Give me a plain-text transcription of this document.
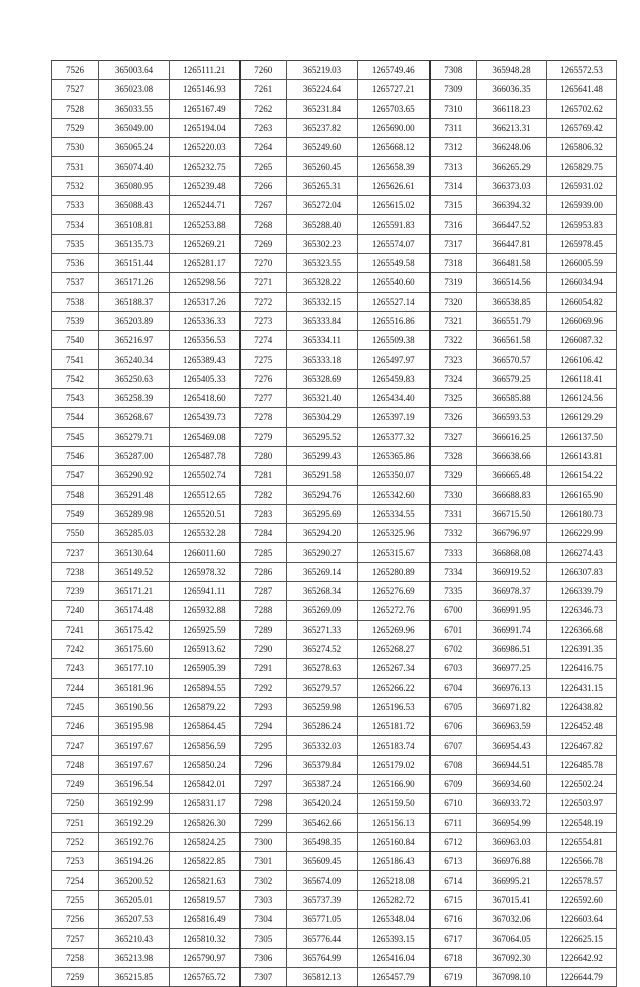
7526	365003.64	1265111.21	7260	365219.03	1265749.46	7308	365948.28	1265572.53
7527	365023.08	1265146.93	7261	365224.64	1265727.21	7309	366036.35	1265641.48
7528	365033.55	1265167.49	7262	365231.84	1265703.65	7310	366118.23	1265702.62
7529	365049.00	1265194.04	7263	365237.82	1265690.00	7311	366213.31	1265769.42
7530	365065.24	1265220.03	7264	365249.60	1265668.12	7312	366248.06	1265806.32
7531	365074.40	1265232.75	7265	365260.45	1265658.39	7313	366265.29	1265829.75
7532	365080.95	1265239.48	7266	365265.31	1265626.61	7314	366373.03	1265931.02
7533	365088.43	1265244.71	7267	365272.04	1265615.02	7315	366394.32	1265939.00
7534	365108.81	1265253.88	7268	365288.40	1265591.83	7316	366447.52	1265953.83
7535	365135.73	1265269.21	7269	365302.23	1265574.07	7317	366447.81	1265978.45
7536	365151.44	1265281.17	7270	365323.55	1265549.58	7318	366481.58	1266005.59
7537	365171.26	1265298.56	7271	365328.22	1265540.60	7319	366514.56	1266034.94
7538	365188.37	1265317.26	7272	365332.15	1265527.14	7320	366538.85	1266054.82
7539	365203.89	1265336.33	7273	365333.84	1265516.86	7321	366551.79	1266069.96
7540	365216.97	1265356.53	7274	365334.11	1265509.38	7322	366561.58	1266087.32
7541	365240.34	1265389.43	7275	365333.18	1265497.97	7323	366570.57	1266106.42
7542	365250.63	1265405.33	7276	365328.69	1265459.83	7324	366579.25	1266118.41
7543	365258.39	1265418.60	7277	365321.40	1265434.40	7325	366585.88	1266124.56
7544	365268.67	1265439.73	7278	365304.29	1265397.19	7326	366593.53	1266129.29
7545	365279.71	1265469.08	7279	365295.52	1265377.32	7327	366616.25	1266137.50
7546	365287.00	1265487.78	7280	365299.43	1265365.86	7328	366638.66	1266143.81
7547	365290.92	1265502.74	7281	365291.58	1265350.07	7329	366665.48	1266154.22
7548	365291.48	1265512.65	7282	365294.76	1265342.60	7330	366688.83	1266165.90
7549	365289.98	1265520.51	7283	365295.69	1265334.55	7331	366715.50	1266180.73
7550	365285.03	1265532.28	7284	365294.20	1265325.96	7332	366796.97	1266229.99
7237	365130.64	1266011.60	7285	365290.27	1265315.67	7333	366868.08	1266274.43
7238	365149.52	1265978.32	7286	365269.14	1265280.89	7334	366919.52	1266307.83
7239	365171.21	1265941.11	7287	365268.34	1265276.69	7335	366978.37	1266339.79
7240	365174.48	1265932.88	7288	365269.09	1265272.76	6700	366991.95	1226346.73
7241	365175.42	1265925.59	7289	365271.33	1265269.96	6701	366991.74	1226366.68
7242	365175.60	1265913.62	7290	365274.52	1265268.27	6702	366986.51	1226391.35
7243	365177.10	1265905.39	7291	365278.63	1265267.34	6703	366977.25	1226416.75
7244	365181.96	1265894.55	7292	365279.57	1265266.22	6704	366976.13	1226431.15
7245	365190.56	1265879.22	7293	365259.98	1265196.53	6705	366971.82	1226438.82
7246	365195.98	1265864.45	7294	365286.24	1265181.72	6706	366963.59	1226452.48
7247	365197.67	1265856.59	7295	365332.03	1265183.74	6707	366954.43	1226467.82
7248	365197.67	1265850.24	7296	365379.84	1265179.02	6708	366944.51	1226485.78
7249	365196.54	1265842.01	7297	365387.24	1265166.90	6709	366934.60	1226502.24
7250	365192.99	1265831.17	7298	365420.24	1265159.50	6710	366933.72	1226503.97
7251	365192.29	1265826.30	7299	365462.66	1265156.13	6711	366954.99	1226548.19
7252	365192.76	1265824.25	7300	365498.35	1265160.84	6712	366963.03	1226554.81
7253	365194.26	1265822.85	7301	365609.45	1265186.43	6713	366976.88	1226566.78
7254	365200.52	1265821.63	7302	365674.09	1265218.08	6714	366995.21	1226578.57
7255	365205.01	1265819.57	7303	365737.39	1265282.72	6715	367015.41	1226592.60
7256	365207.53	1265816.49	7304	365771.05	1265348.04	6716	367032.06	1226603.64
7257	365210.43	1265810.32	7305	365776.44	1265393.15	6717	367064.05	1226625.15
7258	365213.98	1265790.97	7306	365764.99	1265416.04	6718	367092.30	1226642.92
7259	365215.85	1265765.72	7307	365812.13	1265457.79	6719	367098.10	1226644.79
